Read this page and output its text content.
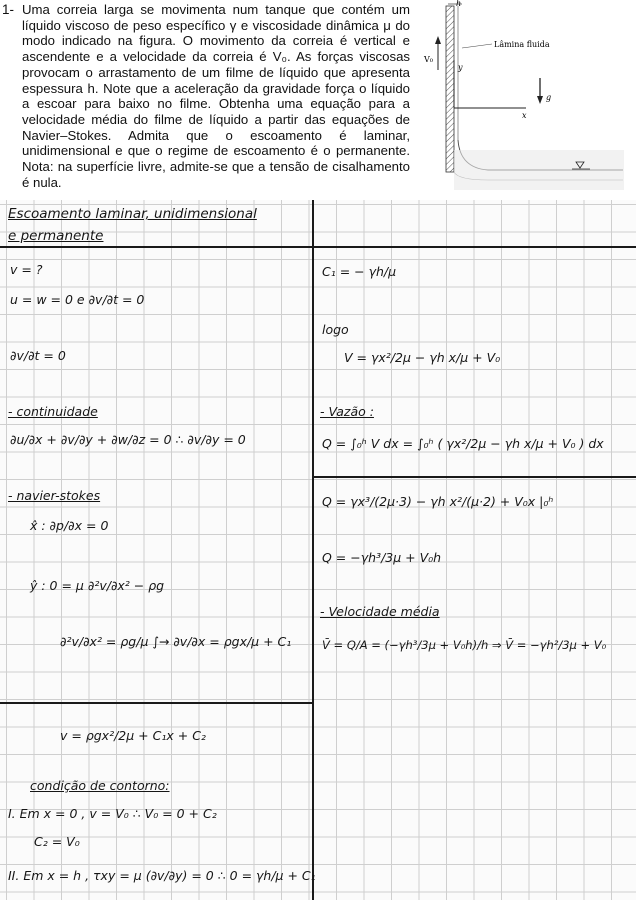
1- Uma correia larga se movimenta num tanque que contém um líquido viscoso de peso específico γ e viscosidade dinâmica μ do modo indicado na figura. O movimento da correia é vertical e ascendente e a velocidade da correia é V₀. As forças viscosas provocam o arrastamento de um filme de líquido que apresenta espessura h. Note que a aceleração da gravidade força o líquido a escoar para baixo no filme. Obtenha uma equação para a velocidade média do filme de líquido a partir das equações de Navier–Stokes. Admita que o escoamento é laminar, unidimensional e que o regime de escoamento é o permanente. Nota: na superfície livre, admite-se que a tensão de cisalhamento é nula.

h
V₀
y
x
g
Lâmina fluida
Escoamento laminar, unidimensional
e permanente
v = ?
u = w = 0 e ∂v/∂t = 0
∂v/∂t = 0
- continuidade
∂u/∂x + ∂v/∂y + ∂w/∂z = 0 ∴ ∂v/∂y = 0
- navier-stokes
x̂ : ∂p/∂x = 0
ŷ : 0 = μ ∂²v/∂x² − ρg
∂²v/∂x² = ρg/μ ∫→ ∂v/∂x = ρgx/μ + C₁
v = ρgx²/2μ + C₁x + C₂
condição de contorno:
I. Em x = 0 , v = V₀ ∴ V₀ = 0 + C₂
C₂ = V₀
II. Em x = h , τxy = μ (∂v/∂y) = 0 ∴ 0 = γh/μ + C₁
C₁ = − γh/μ
logo
V = γx²/2μ − γh x/μ + V₀
- Vazão :
Q = ∫₀ʰ V dx = ∫₀ʰ ( γx²/2μ − γh x/μ + V₀ ) dx
Q = γx³/(2μ·3) − γh x²/(μ·2) + V₀x |₀ʰ
Q = −γh³/3μ + V₀h
- Velocidade média
V̄ = Q/A = (−γh³/3μ + V₀h)/h ⇒ V̄ = −γh²/3μ + V₀
